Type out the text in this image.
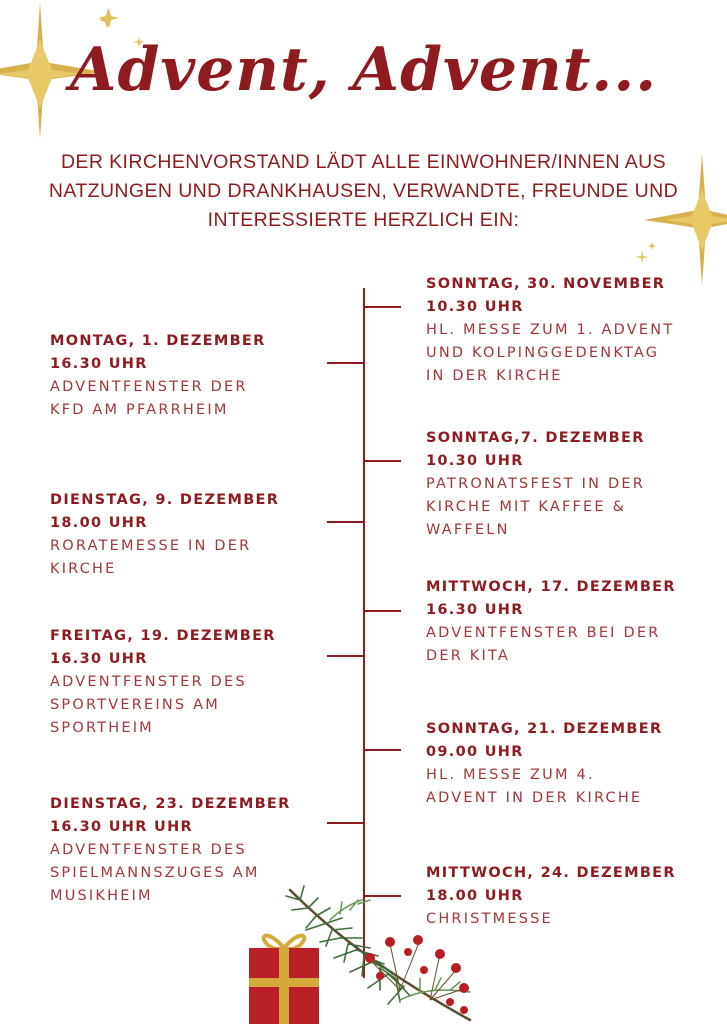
Advent, Advent...
DER KIRCHENVORSTAND LÄDT ALLE EINWOHNER/INNEN AUS
NATZUNGEN UND DRANKHAUSEN, VERWANDTE, FREUNDE UND
INTERESSIERTE HERZLICH EIN:
MONTAG, 1. DEZEMBER
16.30 UHR
ADVENTFENSTER DER
KFD AM PFARRHEIM
DIENSTAG, 9. DEZEMBER
18.00 UHR
RORATEMESSE IN DER
KIRCHE
FREITAG, 19. DEZEMBER
16.30 UHR
ADVENTFENSTER DES
SPORTVEREINS AM
SPORTHEIM
DIENSTAG, 23. DEZEMBER
16.30 UHR UHR
ADVENTFENSTER DES
SPIELMANNSZUGES AM
MUSIKHEIM
SONNTAG, 30. NOVEMBER
10.30 UHR
HL. MESSE ZUM 1. ADVENT
UND KOLPINGGEDENKTAG
IN DER KIRCHE
SONNTAG,7. DEZEMBER
10.30 UHR
PATRONATSFEST IN DER
KIRCHE MIT KAFFEE &
WAFFELN
MITTWOCH, 17. DEZEMBER
16.30 UHR
ADVENTFENSTER BEI DER
DER KITA
SONNTAG, 21. DEZEMBER
09.00 UHR
HL. MESSE ZUM 4.
ADVENT IN DER KIRCHE
MITTWOCH, 24. DEZEMBER
18.00 UHR
CHRISTMESSE
